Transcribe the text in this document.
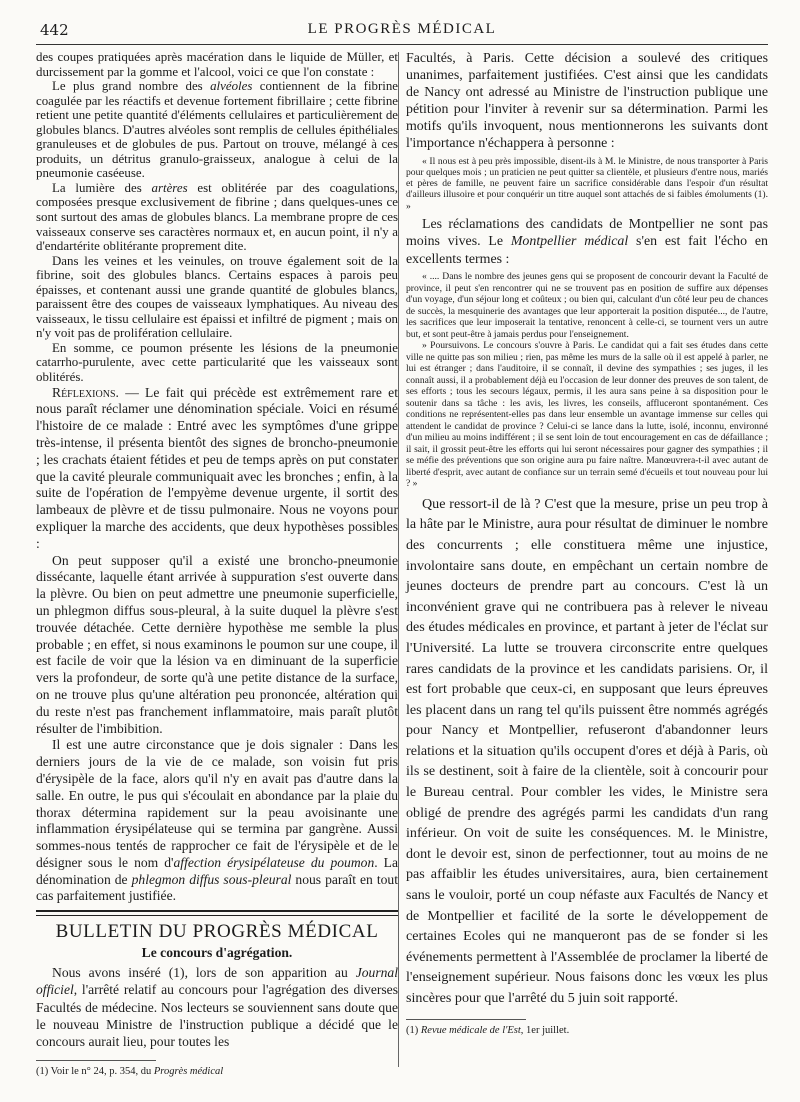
442	LE PROGRÈS MÉDICAL

des coupes pratiquées après macération dans le liquide de Müller, et durcissement par la gomme et l'alcool, voici ce que l'on constate :

Le plus grand nombre des alvéoles contiennent de la fibrine coagulée par les réactifs et devenue fortement fibrillaire ; cette fibrine retient une petite quantité d'éléments cellulaires et particulièrement de globules blancs. D'autres alvéoles sont remplis de cellules épithéliales granuleuses et de globules de pus. Partout on trouve, mélangé à ces produits, un détritus granulo-graisseux, analogue à celui de la pneumonie caséeuse.

La lumière des artères est oblitérée par des coagulations, composées presque exclusivement de fibrine ; dans quelques-unes ce sont surtout des amas de globules blancs. La membrane propre de ces vaisseaux conserve ses caractères normaux et, en aucun point, il n'y a d'endartérite oblitérante proprement dite.

Dans les veines et les veinules, on trouve également soit de la fibrine, soit des globules blancs. Certains espaces à parois peu épaisses, et contenant aussi une grande quantité de globules blancs, paraissent être des coupes de vaisseaux lymphatiques. Au niveau des vaisseaux, le tissu cellulaire est épaissi et infiltré de pigment ; mais on n'y voit pas de prolifération cellulaire.

En somme, ce poumon présente les lésions de la pneumonie catarrho-purulente, avec cette particularité que les vaisseaux sont oblitérés.

Réflexions. — Le fait qui précède est extrêmement rare et nous paraît réclamer une dénomination spéciale. Voici en résumé l'histoire de ce malade : Entré avec les symptômes d'une grippe très-intense, il présenta bientôt des signes de broncho-pneumonie ; les crachats étaient fétides et peu de temps après on put constater que la cavité pleurale communiquait avec les bronches ; enfin, à la suite de l'opération de l'empyème devenue urgente, il sortit des lambeaux de plèvre et de tissu pulmonaire. Nous ne voyons pour expliquer la marche des accidents, que deux hypothèses possibles :

On peut supposer qu'il a existé une broncho-pneumonie dissécante, laquelle étant arrivée à suppuration s'est ouverte dans la plèvre. Ou bien on peut admettre une pneumonie superficielle, un phlegmon diffus sous-pleural, à la suite duquel la plèvre s'est trouvée détachée. Cette dernière hypothèse me semble la plus probable ; en effet, si nous examinons le poumon sur une coupe, il est facile de voir que la lésion va en diminuant de la superficie vers la profondeur, de sorte qu'à une petite distance de la surface, on ne trouve plus qu'une altération peu prononcée, altération qui du reste n'est pas franchement inflammatoire, mais paraît plutôt résulter de l'imbibition.

Il est une autre circonstance que je dois signaler : Dans les derniers jours de la vie de ce malade, son voisin fut pris d'érysipèle de la face, alors qu'il n'y en avait pas d'autre dans la salle. En outre, le pus qui s'écoulait en abondance par la plaie du thorax détermina rapidement sur la peau avoisinante une inflammation érysipélateuse qui se termina par gangrène. Aussi sommes-nous tentés de rapprocher ce fait de l'érysipèle et de le désigner sous le nom d'affection érysipélateuse du poumon. La dénomination de phlegmon diffus sous-pleural nous paraît en tout cas parfaitement justifiée.

BULLETIN DU PROGRÈS MÉDICAL
Le concours d'agrégation.

Nous avons inséré (1), lors de son apparition au Journal officiel, l'arrêté relatif au concours pour l'agrégation des diverses Facultés de médecine. Nos lecteurs se souviennent sans doute que le nouveau Ministre de l'instruction publique a décidé que le concours aurait lieu, pour toutes les

(1) Voir le n° 24, p. 354, du Progrès médical

Facultés, à Paris. Cette décision a soulevé des critiques unanimes, parfaitement justifiées. C'est ainsi que les candidats de Nancy ont adressé au Ministre de l'instruction publique une pétition pour l'inviter à revenir sur sa détermination. Parmi les motifs qu'ils invoquent, nous mentionnerons les suivants dont l'importance n'échappera à personne :

« Il nous est à peu près impossible, disent-ils à M. le Ministre, de nous transporter à Paris pour quelques mois ; un praticien ne peut quitter sa clientèle, et plusieurs d'entre nous, mariés et pères de famille, ne peuvent faire un sacrifice considérable dans l'espoir d'un résultat d'ailleurs illusoire et pour conquérir un titre auquel sont attachés de si faibles émoluments (1). »

Les réclamations des candidats de Montpellier ne sont pas moins vives. Le Montpellier médical s'en est fait l'écho en excellents termes :

« .... Dans le nombre des jeunes gens qui se proposent de concourir devant la Faculté de province, il peut s'en rencontrer qui ne se trouvent pas en position de suffire aux dépenses d'un voyage, d'un séjour long et coûteux ; ou bien qui, calculant d'un côté leur peu de chances de succès, la mesquinerie des avantages que leur apporterait la position disputée..., de l'autre, les sacrifices que leur imposerait la tentative, renoncent à celle-ci, se tournent vers un autre but, et sont peut-être à jamais perdus pour l'enseignement.

» Poursuivons. Le concours s'ouvre à Paris. Le candidat qui a fait ses études dans cette ville ne quitte pas son milieu ; rien, pas même les murs de la salle où il est appelé à parler, ne lui est étranger ; dans l'auditoire, il se connaît, il devine des sympathies ; ses juges, il les connaît aussi, il a probablement déjà eu l'occasion de leur donner des preuves de son talent, de ses efforts ; tous les secours légaux, permis, il les aura sans peine à sa disposition pour le soutenir dans sa tâche : les avis, les livres, les conseils, affluceront spontanément. Ces conditions ne représentent-elles pas dans leur ensemble un avantage immense sur celles qui attendent le candidat de province ? Celui-ci se lance dans la lutte, isolé, inconnu, environné d'un milieu au moins indifférent ; il se sent loin de tout encouragement en cas de défaillance ; il sait, il grossit peut-être les efforts qui lui seront nécessaires pour gagner des sympathies ; il se méfie des préventions que son origine aura pu faire naître. Manœuvrera-t-il avec autant de liberté d'esprit, avec autant de confiance sur un terrain semé d'écueils et tout nouveau pour lui ? »

Que ressort-il de là ? C'est que la mesure, prise un peu trop à la hâte par le Ministre, aura pour résultat de diminuer le nombre des concurrents ; elle constituera même une injustice, involontaire sans doute, en empêchant un certain nombre de jeunes docteurs de prendre part au concours. C'est là un inconvénient grave qui ne contribuera pas à relever le niveau des études médicales en province, et partant à jeter de l'éclat sur l'Université. La lutte se trouvera circonscrite entre quelques rares candidats de la province et les candidats parisiens. Or, il est fort probable que ceux-ci, en supposant que leurs épreuves les placent dans un rang tel qu'ils puissent être nommés agrégés pour Nancy et Montpellier, refuseront d'abandonner leurs relations et la situation qu'ils occupent d'ores et déjà à Paris, où ils se destinent, soit à faire de la clientèle, soit à concourir pour le Bureau central. Pour combler les vides, le Ministre sera obligé de prendre des agrégés parmi les candidats d'un rang inférieur. On voit de suite les conséquences. M. le Ministre, dont le devoir est, sinon de perfectionner, tout au moins de ne pas affaiblir les études universitaires, aura, bien certainement sans le vouloir, porté un coup néfaste aux Facultés de Nancy et de Montpellier et facilité de la sorte le développement de certaines Ecoles qui ne manqueront pas de se fonder si les événements permettent à l'Assemblée de proclamer la liberté de l'enseignement supérieur. Nous faisons donc les vœux les plus sincères pour que l'arrêté du 5 juin soit rapporté.

(1) Revue médicale de l'Est, 1er juillet.
